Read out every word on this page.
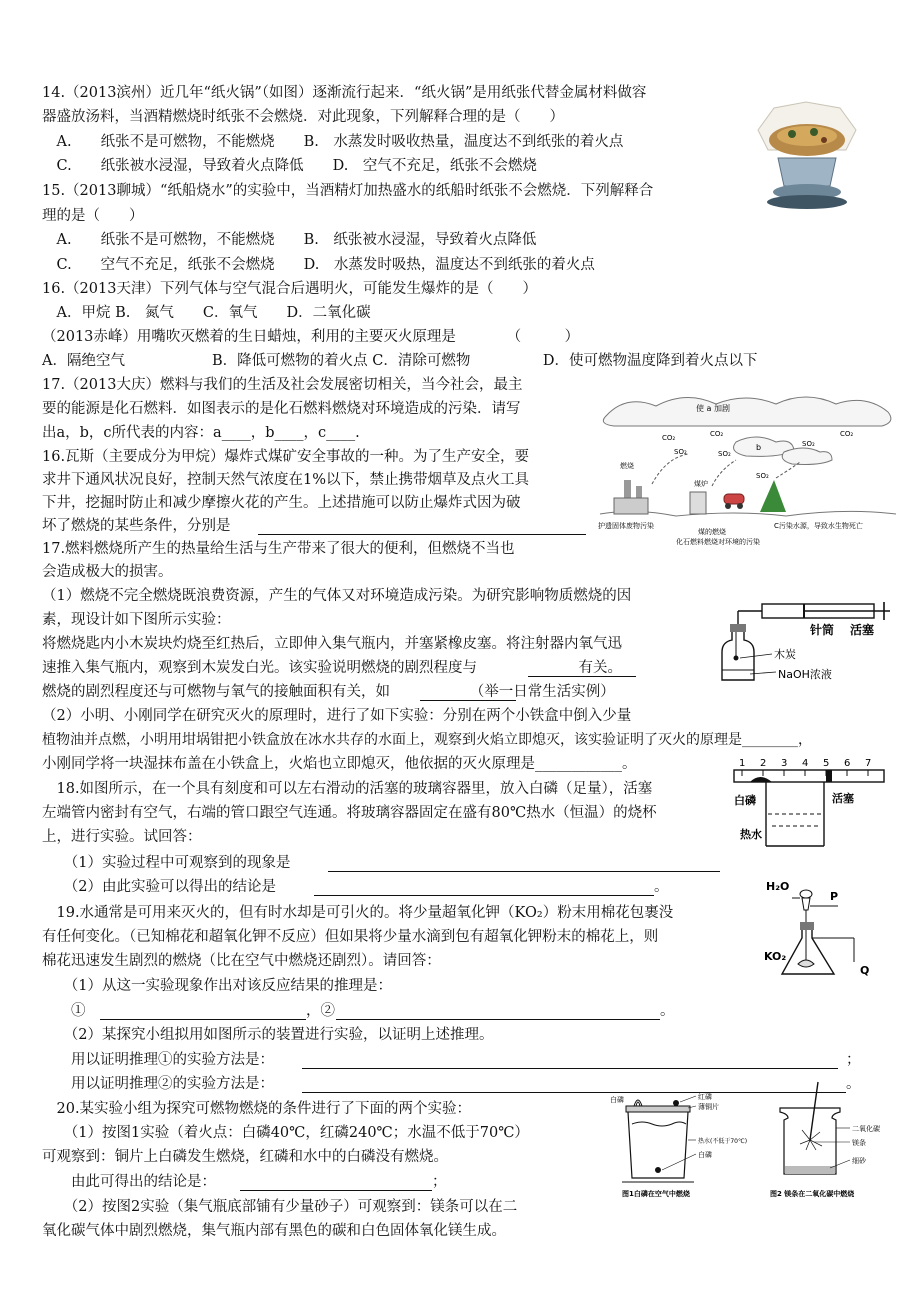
14.（2013滨州）近几年“纸火锅”（如图）逐渐流行起来．“纸火锅”是用纸张代替金属材料做容
器盛放汤料，当酒精燃烧时纸张不会燃烧．对此现象，下列解释合理的是（　　）
　A.　　纸张不是可燃物，不能燃烧　　B.　水蒸发时吸收热量，温度达不到纸张的着火点
　C.　　纸张被水浸湿，导致着火点降低　　D.　空气不充足，纸张不会燃烧
15.（2013聊城）“纸船烧水”的实验中，当酒精灯加热盛水的纸船时纸张不会燃烧．下列解释合
理的是（　　）
　A.　　纸张不是可燃物，不能燃烧　　B.　纸张被水浸湿，导致着火点降低
　C.　　空气不充足，纸张不会燃烧　　D.　水蒸发时吸热，温度达不到纸张的着火点
16.（2013天津）下列气体与空气混合后遇明火，可能发生爆炸的是（　　）
　A．甲烷 B.　氮气　　C．氧气　　D．二氧化碳
（2013赤峰）用嘴吹灭燃着的生日蜡烛，利用的主要灭火原理是　　　　（　　　）
A．隔绝空气　　　　　　B．降低可燃物的着火点 C．清除可燃物　　　　　D．使可燃物温度降到着火点以下
17.（2013大庆）燃料与我们的生活及社会发展密切相关，当今社会，最主
要的能源是化石燃料．如图表示的是化石燃料燃烧对环境造成的污染．请写
出a，b，c所代表的内容：a____，b____，c____.
16.瓦斯（主要成分为甲烷）爆炸式煤矿安全事故的一种。为了生产安全，要
求井下通风状况良好，控制天然气浓度在1%以下，禁止携带烟草及点火工具
下井，挖掘时防止和减少摩擦火花的产生。上述措施可以防止爆炸式因为破
坏了燃烧的某些条件，分别是
17.燃料燃烧所产生的热量给生活与生产带来了很大的便利，但燃烧不当也
会造成极大的损害。
（1）燃烧不完全燃烧既浪费资源，产生的气体又对环境造成污染。为研究影响物质燃烧的因
素，现设计如下图所示实验：
将燃烧匙内小木炭块灼烧至红热后，立即伸入集气瓶内，并塞紧橡皮塞。将注射器内氧气迅
速推入集气瓶内，观察到木炭发白光。该实验说明燃烧的剧烈程度与　　　　　　　有关。
燃烧的剧烈程度还与可燃物与氧气的接触面积有关，如　　　　　　（举一日常生活实例）
（2）小明、小刚同学在研究灭火的原理时，进行了如下实验：分别在两个小铁盒中倒入少量
植物油并点燃，小明用坩埚钳把小铁盒放在冰水共存的水面上，观察到火焰立即熄灭，该实验证明了灭火的原理是________，
小刚同学将一块湿抹布盖在小铁盒上，火焰也立即熄灭，他依据的灭火原理是____________。
　18.如图所示，在一个具有刻度和可以左右滑动的活塞的玻璃容器里，放入白磷（足量），活塞
左端管内密封有空气，右端的管口跟空气连通。将玻璃容器固定在盛有80℃热水（恒温）的烧杯
上，进行实验。试回答：
　　（1）实验过程中可观察到的现象是
　　（2）由此实验可以得出的结论是	。
　19.水通常是可用来灭火的，但有时水却是可引火的。将少量超氧化钾（KO₂）粉末用棉花包裹没
有任何变化。（已知棉花和超氧化钾不反应）但如果将少量水滴到包有超氧化钾粉末的棉花上，则
棉花迅速发生剧烈的燃烧（比在空气中燃烧还剧烈）。请回答：
　　（1）从这一实验现象作出对该反应结果的推理是：
　　①	，②	。
　　（2）某探究小组拟用如图所示的装置进行实验，以证明上述推理。
　　用以证明推理①的实验方法是：	；
　　用以证明推理②的实验方法是：	。
　20.某实验小组为探究可燃物燃烧的条件进行了下面的两个实验：
　　（1）按图1实验（着火点：白磷40℃，红磷240℃；水温不低于70℃）
可观察到：铜片上白磷发生燃烧，红磷和水中的白磷没有燃烧。
　　由此可得出的结论是：	；
　　（2）按图2实验（集气瓶底部铺有少量砂子）可观察到：镁条可以在二
氧化碳气体中剧烈燃烧，集气瓶内部有黑色的碳和白色固体氧化镁生成。
使 a 加剧
CO₂
SO₂
CO₂
b
SO₂
SO₂
CO₂
SO₂
燃烧
煤炉
护遗固体废物污染
煤的燃烧
C污染水源，导致水生物死亡
化石燃料燃烧对环境的污染
针筒 活塞
木炭
NaOH浓液
1 2 3 4 5 6 7
白磷	活塞
热水
H₂O
P
KO₂
Q
白磷	红磷
薄铜片
热水(不低于70℃)
白磷
图1白磷在空气中燃烧
二氧化碳
镁条
细砂
图2 镁条在二氧化碳中燃烧
